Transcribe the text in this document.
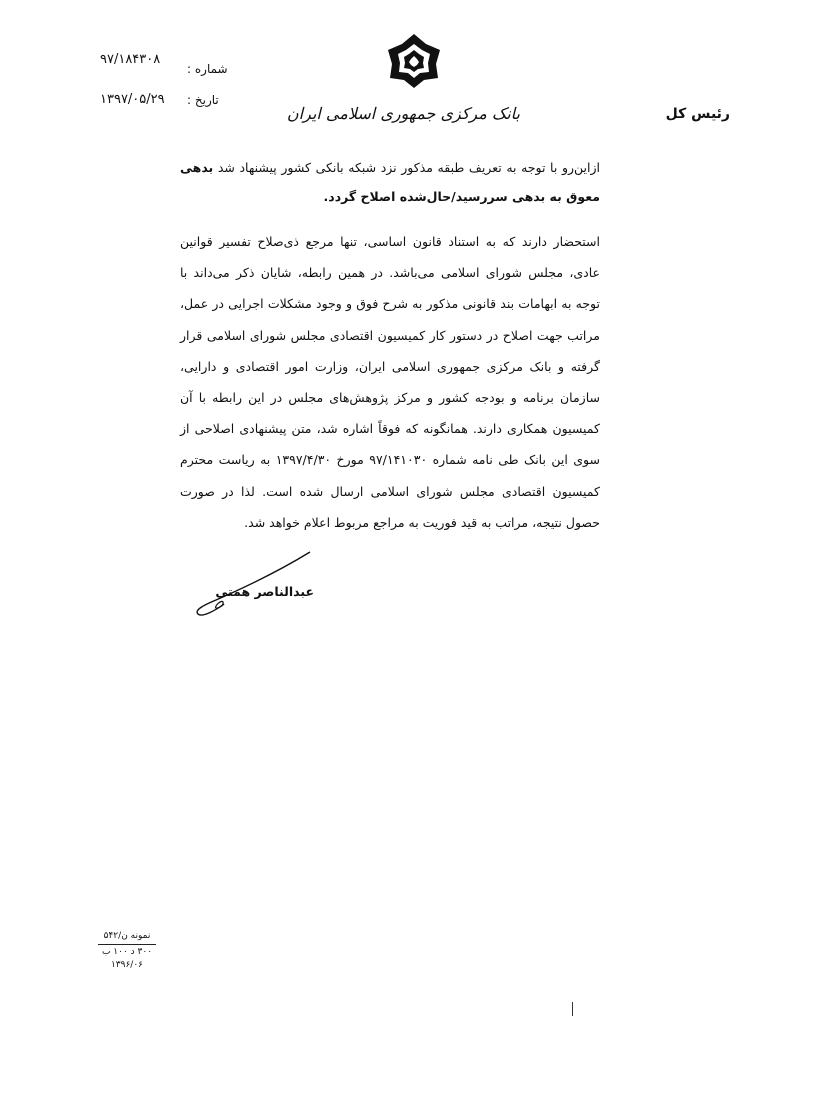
۹۷/۱۸۴۳۰۸
شماره :
۱۳۹۷/۰۵/۲۹ تاریخ :
بانک مرکزی جمهوری اسلامی ایران	رئیس کل

ازاین‌رو با توجه به تعریف طبقه مذکور نزد شبکه بانکی کشور پیشنهاد شد بدهی معوق به بدهی سررسید/حال‌شده اصلاح گردد.

استحضار دارند که به استناد قانون اساسی، تنها مرجع ذی‌صلاح تفسیر قوانین عادی، مجلس شورای اسلامی می‌باشد. در همین رابطه، شایان ذکر می‌داند با توجه به ابهامات بند قانونی مذکور به شرح فوق و وجود مشکلات اجرایی در عمل، مراتب جهت اصلاح در دستور کار کمیسیون اقتصادی مجلس شورای اسلامی قرار گرفته و بانک مرکزی جمهوری اسلامی ایران، وزارت امور اقتصادی و دارایی، سازمان برنامه و بودجه کشور و مرکز پژوهش‌های مجلس در این رابطه با آن کمیسیون همکاری دارند. همانگونه که فوقاً اشاره شد، متن پیشنهادی اصلاحی از سوی این بانک طی نامه شماره ۹۷/۱۴۱۰۳۰ مورخ ۱۳۹۷/۴/۳۰ به ریاست محترم کمیسیون اقتصادی مجلس شورای اسلامی ارسال شده است. لذا در صورت حصول نتیجه، مراتب به قید فوریت به مراجع مربوط اعلام خواهد شد.

عبدالناصر همتی
نمونه ن/۵۴۲
۳۰۰ د ۱۰۰ ب
۱۳۹۶/۰۶
